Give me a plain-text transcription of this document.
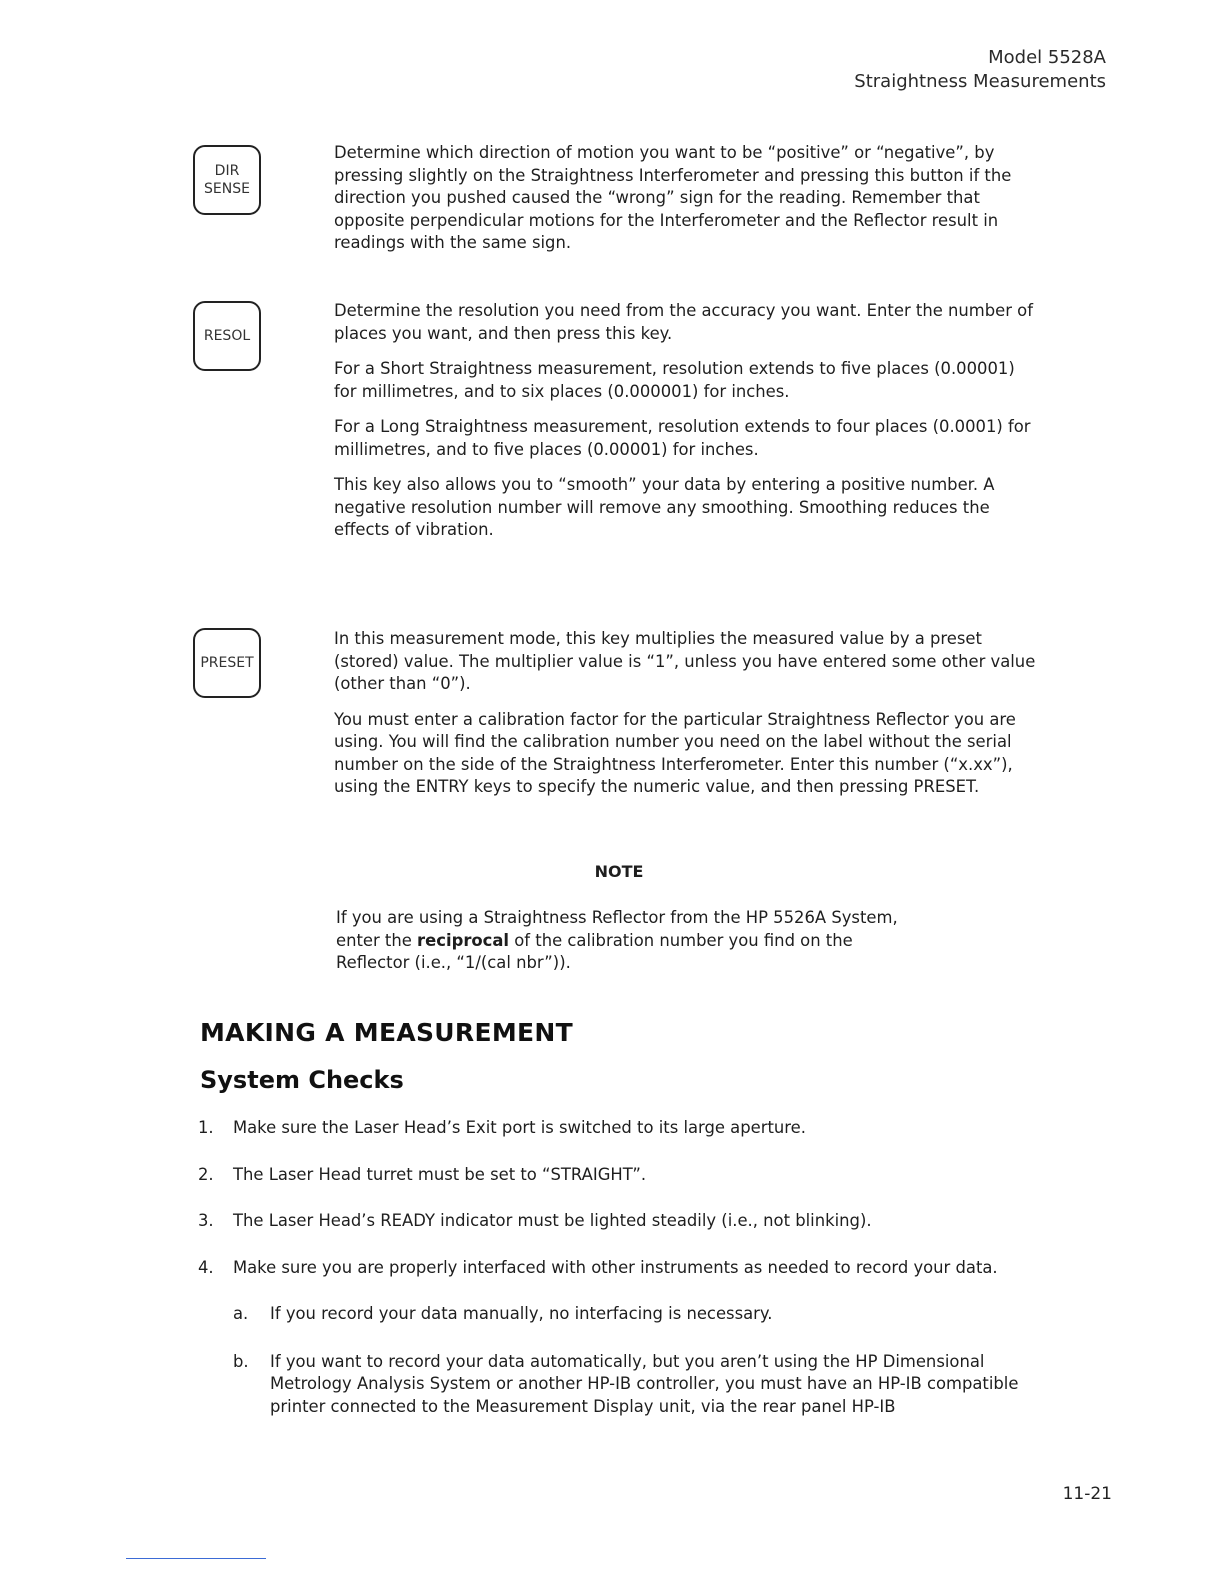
Model 5528A
Straightness Measurements
DIR
SENSE

Determine which direction of motion you want to be “positive” or “negative”, by pressing slightly on the Straightness Interferometer and pressing this button if the direction you pushed caused the “wrong” sign for the reading. Remember that opposite perpendicular motions for the Interferometer and the Reflector result in readings with the same sign.

RESOL

Determine the resolution you need from the accuracy you want. Enter the number of places you want, and then press this key.

For a Short Straightness measurement, resolution extends to five places (0.00001) for millimetres, and to six places (0.000001) for inches.

For a Long Straightness measurement, resolution extends to four places (0.0001) for millimetres, and to five places (0.00001) for inches.

This key also allows you to “smooth” your data by entering a positive number. A negative resolution number will remove any smoothing. Smoothing reduces the effects of vibration.

PRESET

In this measurement mode, this key multiplies the measured value by a preset (stored) value. The multiplier value is “1”, unless you have entered some other value (other than “0”).

You must enter a calibration factor for the particular Straightness Reflector you are using. You will find the calibration number you need on the label without the serial number on the side of the Straightness Interferometer. Enter this number (“x.xx”), using the ENTRY keys to specify the numeric value, and then pressing PRESET.

NOTE
If you are using a Straightness Reflector from the HP 5526A System, enter the reciprocal of the calibration number you find on the Reflector (i.e., “1/(cal nbr”)).
MAKING A MEASUREMENT
System Checks
1.	Make sure the Laser Head’s Exit port is switched to its large aperture.
2.	The Laser Head turret must be set to “STRAIGHT”.
3.	The Laser Head’s READY indicator must be lighted steadily (i.e., not blinking).
4.	Make sure you are properly interfaced with other instruments as needed to record your data.
a.	If you record your data manually, no interfacing is necessary.
b.	If you want to record your data automatically, but you aren’t using the HP Dimensional Metrology Analysis System or another HP-IB controller, you must have an HP-IB compatible printer connected to the Measurement Display unit, via the rear panel HP-IB
11-21
